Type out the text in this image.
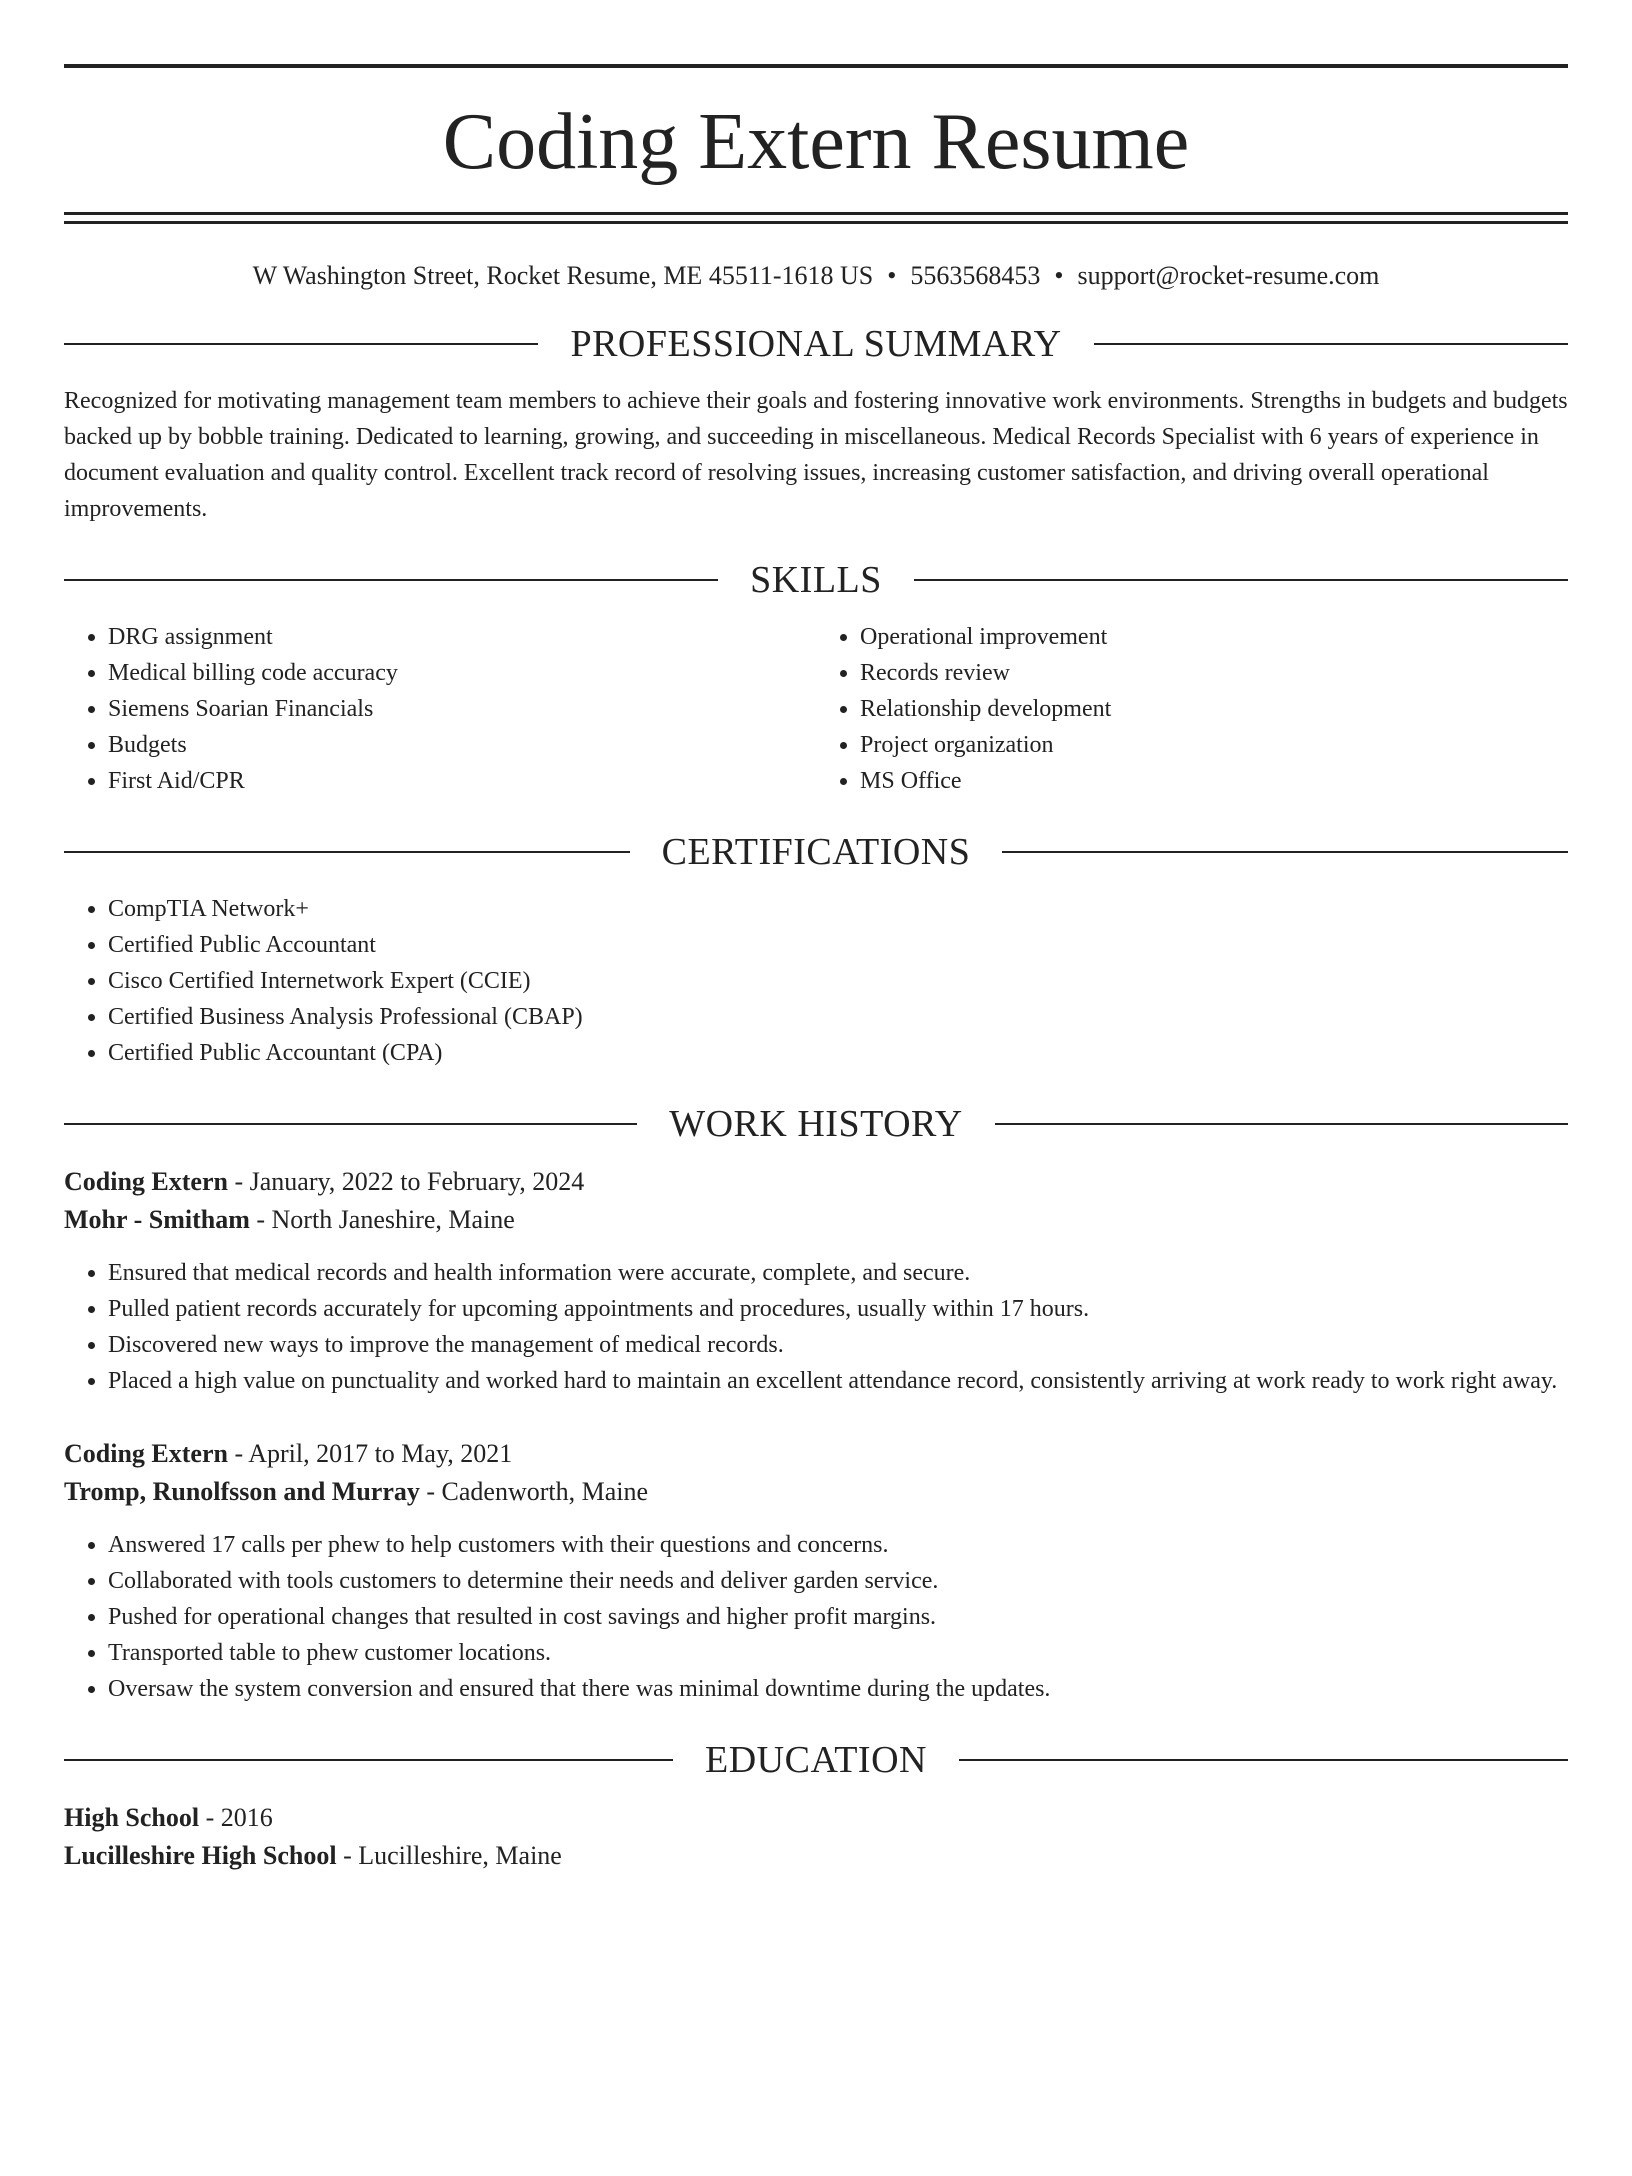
Coding Extern Resume
W Washington Street, Rocket Resume, ME 45511-1618 US • 5563568453 • support@rocket-resume.com
PROFESSIONAL SUMMARY

Recognized for motivating management team members to achieve their goals and fostering innovative work environments. Strengths in budgets and budgets backed up by bobble training. Dedicated to learning, growing, and succeeding in miscellaneous. Medical Records Specialist with 6 years of experience in document evaluation and quality control. Excellent track record of resolving issues, increasing customer satisfaction, and driving overall operational improvements.

SKILLS
• DRG assignment
• Medical billing code accuracy
• Siemens Soarian Financials
• Budgets
• First Aid/CPR
• Operational improvement
• Records review
• Relationship development
• Project organization
• MS Office
CERTIFICATIONS
• CompTIA Network+
• Certified Public Accountant
• Cisco Certified Internetwork Expert (CCIE)
• Certified Business Analysis Professional (CBAP)
• Certified Public Accountant (CPA)
WORK HISTORY
Coding Extern - January, 2022 to February, 2024
Mohr - Smitham - North Janeshire, Maine
• Ensured that medical records and health information were accurate, complete, and secure.
• Pulled patient records accurately for upcoming appointments and procedures, usually within 17 hours.
• Discovered new ways to improve the management of medical records.
• Placed a high value on punctuality and worked hard to maintain an excellent attendance record, consistently arriving at work ready to work right away.
Coding Extern - April, 2017 to May, 2021
Tromp, Runolfsson and Murray - Cadenworth, Maine
• Answered 17 calls per phew to help customers with their questions and concerns.
• Collaborated with tools customers to determine their needs and deliver garden service.
• Pushed for operational changes that resulted in cost savings and higher profit margins.
• Transported table to phew customer locations.
• Oversaw the system conversion and ensured that there was minimal downtime during the updates.
EDUCATION
High School - 2016
Lucilleshire High School - Lucilleshire, Maine
